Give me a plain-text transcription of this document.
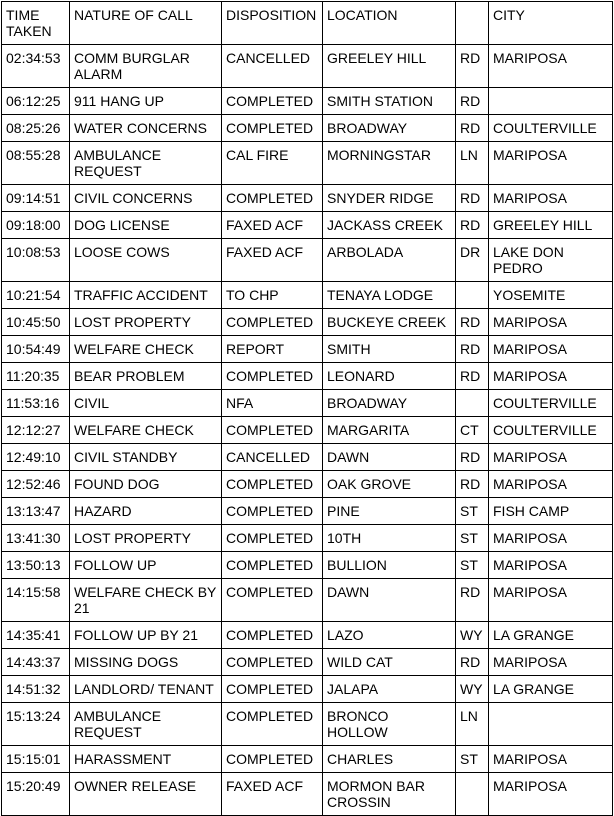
TIME TAKEN	NATURE OF CALL	DISPOSITION	LOCATION		CITY
02:34:53	COMM BURGLAR ALARM	CANCELLED	GREELEY HILL	RD	MARIPOSA
06:12:25	911 HANG UP	COMPLETED	SMITH STATION	RD	
08:25:26	WATER CONCERNS	COMPLETED	BROADWAY	RD	COULTERVILLE
08:55:28	AMBULANCE REQUEST	CAL FIRE	MORNINGSTAR	LN	MARIPOSA
09:14:51	CIVIL CONCERNS	COMPLETED	SNYDER RIDGE	RD	MARIPOSA
09:18:00	DOG LICENSE	FAXED ACF	JACKASS CREEK	RD	GREELEY HILL
10:08:53	LOOSE COWS	FAXED ACF	ARBOLADA	DR	LAKE DON PEDRO
10:21:54	TRAFFIC ACCIDENT	TO CHP	TENAYA LODGE		YOSEMITE
10:45:50	LOST PROPERTY	COMPLETED	BUCKEYE CREEK	RD	MARIPOSA
10:54:49	WELFARE CHECK	REPORT	SMITH	RD	MARIPOSA
11:20:35	BEAR PROBLEM	COMPLETED	LEONARD	RD	MARIPOSA
11:53:16	CIVIL	NFA	BROADWAY		COULTERVILLE
12:12:27	WELFARE CHECK	COMPLETED	MARGARITA	CT	COULTERVILLE
12:49:10	CIVIL STANDBY	CANCELLED	DAWN	RD	MARIPOSA
12:52:46	FOUND DOG	COMPLETED	OAK GROVE	RD	MARIPOSA
13:13:47	HAZARD	COMPLETED	PINE	ST	FISH CAMP
13:41:30	LOST PROPERTY	COMPLETED	10TH	ST	MARIPOSA
13:50:13	FOLLOW UP	COMPLETED	BULLION	ST	MARIPOSA
14:15:58	WELFARE CHECK BY 21	COMPLETED	DAWN	RD	MARIPOSA
14:35:41	FOLLOW UP BY 21	COMPLETED	LAZO	WY	LA GRANGE
14:43:37	MISSING DOGS	COMPLETED	WILD CAT	RD	MARIPOSA
14:51:32	LANDLORD/ TENANT	COMPLETED	JALAPA	WY	LA GRANGE
15:13:24	AMBULANCE REQUEST	COMPLETED	BRONCO HOLLOW	LN	
15:15:01	HARASSMENT	COMPLETED	CHARLES	ST	MARIPOSA
15:20:49	OWNER RELEASE	FAXED ACF	MORMON BAR CROSSIN		MARIPOSA
